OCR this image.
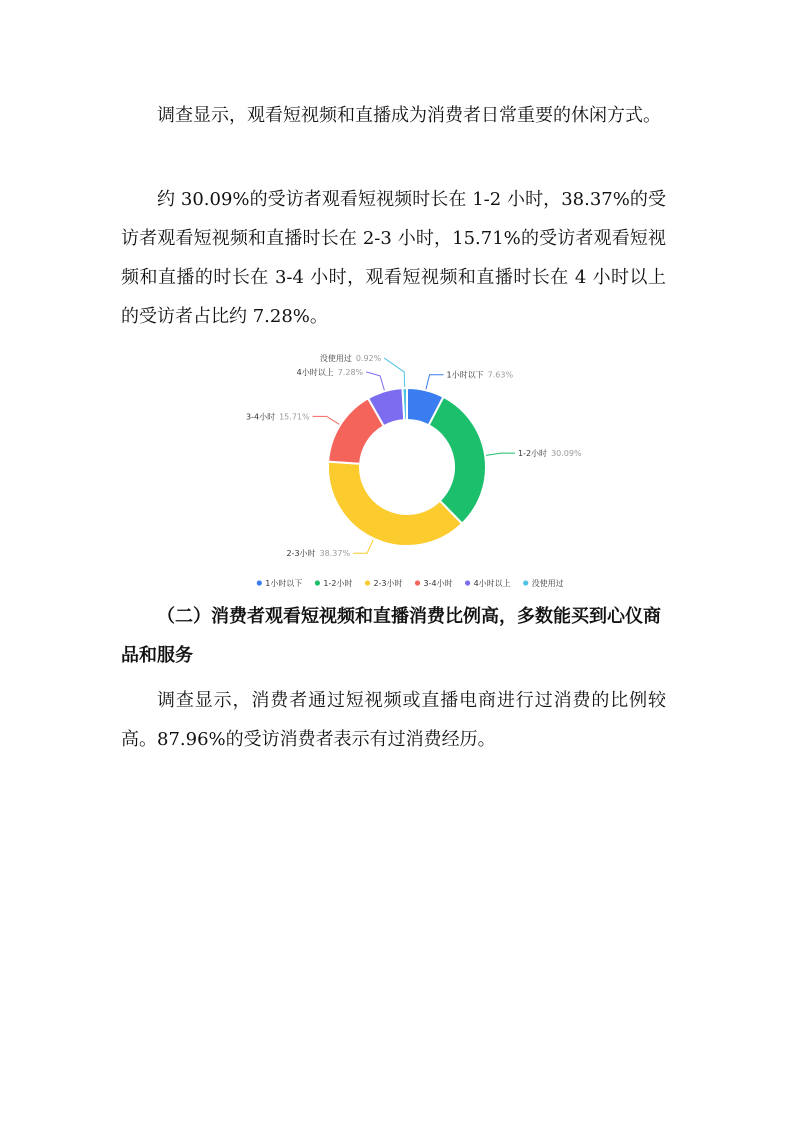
调查显示，观看短视频和直播成为消费者日常重要的休闲方式。

约 30.09%的受访者观看短视频时长在 1-2 小时，38.37%的受访者观看短视频和直播时长在 2-3 小时，15.71%的受访者观看短视频和直播的时长在 3-4 小时，观看短视频和直播时长在 4 小时以上的受访者占比约 7.28%。

1小时以下 7.63%
1-2小时 30.09%
2-3小时 38.37%
3-4小时 15.71%
4小时以上 7.28%
没使用过 0.92%
1小时以下	1-2小时	2-3小时	3-4小时	4小时以上	没使用过

（二）消费者观看短视频和直播消费比例高，多数能买到心仪商品和服务

调查显示，消费者通过短视频或直播电商进行过消费的比例较高。87.96%的受访消费者表示有过消费经历。
